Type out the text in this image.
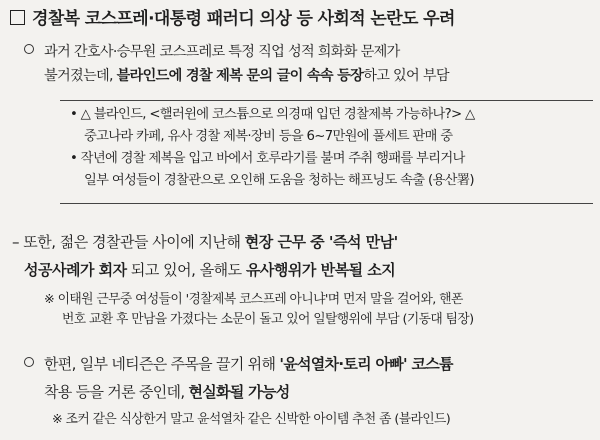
경찰복 코스프레·대통령 패러디 의상 등 사회적 논란도 우려
과거 간호사·승무원 코스프레로 특정 직업 성적 희화화 문제가
불거졌는데, 블라인드에 경찰 제복 문의 글이 속속 등장하고 있어 부담
• △ 블라인드, <핼러윈에 코스튬으로 의경때 입던 경찰제복 가능하나?> △
중고나라 카페, 유사 경찰 제복·장비 등을 6~7만원에 풀세트 판매 중
• 작년에 경찰 제복을 입고 바에서 호루라기를 불며 주취 행패를 부리거나
일부 여성들이 경찰관으로 오인해 도움을 청하는 해프닝도 속출 (용산署)
– 또한, 젊은 경찰관들 사이에 지난해 현장 근무 중 '즉석 만남'
성공사례가 회자 되고 있어, 올해도 유사행위가 반복될 소지
※ 이태원 근무중 여성들이 '경찰제복 코스프레 아니냐'며 먼저 말을 걸어와, 핸폰
번호 교환 후 만남을 가졌다는 소문이 돌고 있어 일탈행위에 부담 (기동대 팀장)
한편, 일부 네티즌은 주목을 끌기 위해 '윤석열차·토리 아빠' 코스튬
착용 등을 거론 중인데, 현실화될 가능성
※ 조커 같은 식상한거 말고 윤석열차 같은 신박한 아이템 추천 좀 (블라인드)
